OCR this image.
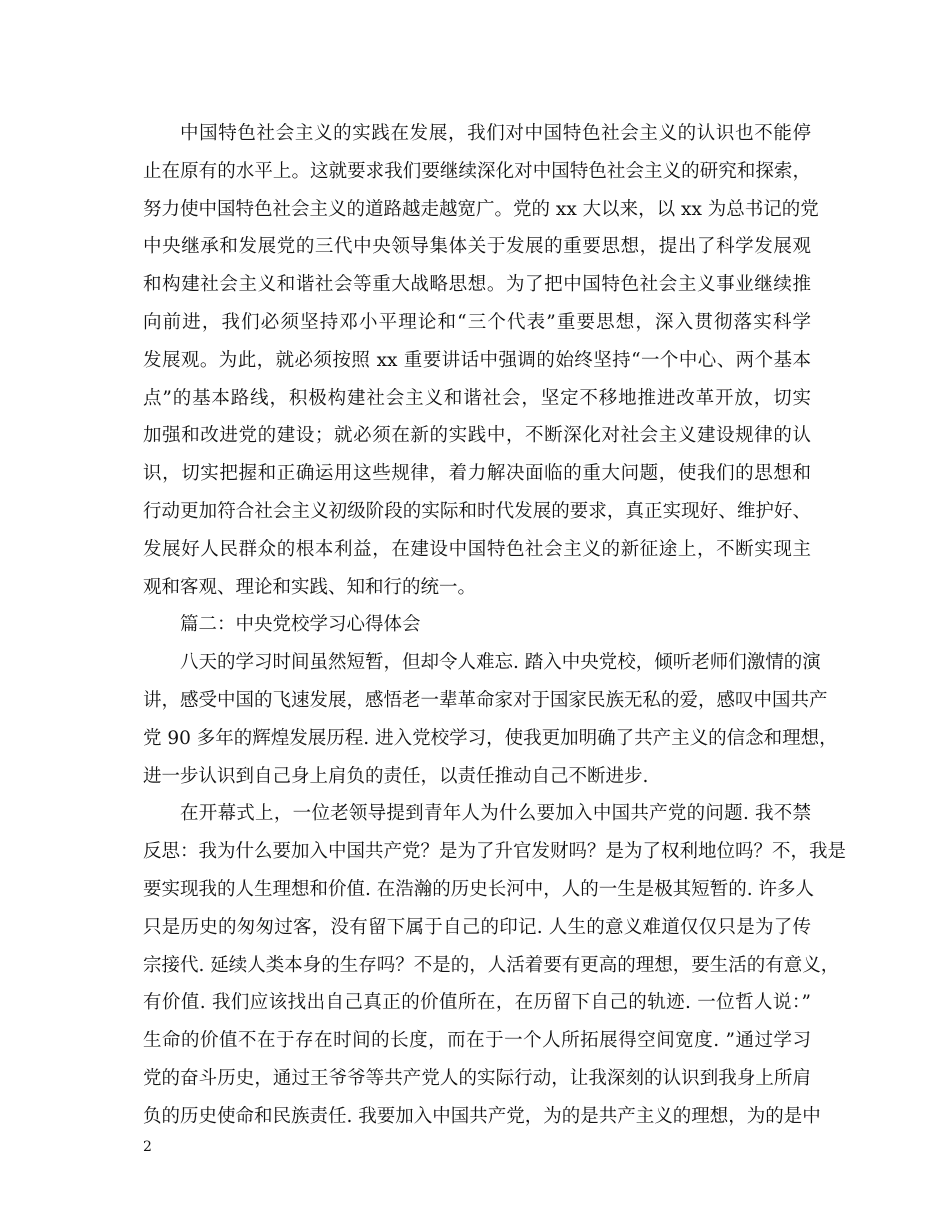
中国特色社会主义的实践在发展，我们对中国特色社会主义的认识也不能停
止在原有的水平上。这就要求我们要继续深化对中国特色社会主义的研究和探索，
努力使中国特色社会主义的道路越走越宽广。党的 xx 大以来，以 xx 为总书记的党
中央继承和发展党的三代中央领导集体关于发展的重要思想，提出了科学发展观
和构建社会主义和谐社会等重大战略思想。为了把中国特色社会主义事业继续推
向前进，我们必须坚持邓小平理论和“三个代表”重要思想，深入贯彻落实科学
发展观。为此，就必须按照 xx 重要讲话中强调的始终坚持“一个中心、两个基本
点”的基本路线，积极构建社会主义和谐社会，坚定不移地推进改革开放，切实
加强和改进党的建设；就必须在新的实践中，不断深化对社会主义建设规律的认
识，切实把握和正确运用这些规律，着力解决面临的重大问题，使我们的思想和
行动更加符合社会主义初级阶段的实际和时代发展的要求，真正实现好、维护好、
发展好人民群众的根本利益，在建设中国特色社会主义的新征途上，不断实现主
观和客观、理论和实践、知和行的统一。
篇二：中央党校学习心得体会
八天的学习时间虽然短暂，但却令人难忘. 踏入中央党校，倾听老师们激情的演
讲，感受中国的飞速发展，感悟老一辈革命家对于国家民族无私的爱，感叹中国共产
党 90 多年的辉煌发展历程. 进入党校学习，使我更加明确了共产主义的信念和理想，
进一步认识到自己身上肩负的责任，以责任推动自己不断进步.
在开幕式上，一位老领导提到青年人为什么要加入中国共产党的问题. 我不禁
反思：我为什么要加入中国共产党？是为了升官发财吗？是为了权利地位吗？不，我是
要实现我的人生理想和价值. 在浩瀚的历史长河中，人的一生是极其短暂的. 许多人
只是历史的匆匆过客，没有留下属于自己的印记. 人生的意义难道仅仅只是为了传
宗接代. 延续人类本身的生存吗？不是的，人活着要有更高的理想，要生活的有意义，
有价值. 我们应该找出自己真正的价值所在，在历留下自己的轨迹. 一位哲人说：”
生命的价值不在于存在时间的长度，而在于一个人所拓展得空间宽度. ”通过学习
党的奋斗历史，通过王爷爷等共产党人的实际行动，让我深刻的认识到我身上所肩
负的历史使命和民族责任. 我要加入中国共产党，为的是共产主义的理想，为的是中
2
